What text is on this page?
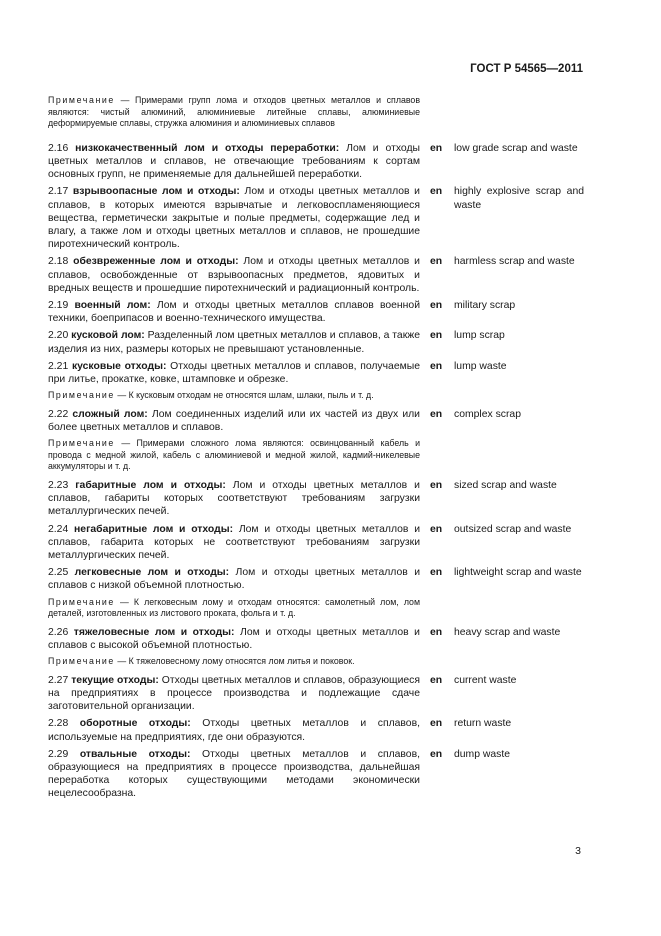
ГОСТ Р 54565—2011
Примечание — Примерами групп лома и отходов цветных металлов и сплавов являются: чистый алюминий, алюминиевые литейные сплавы, алюминиевые деформируемые сплавы, стружка алюминия и алюминиевых сплавов
2.16 низкокачественный лом и отходы переработки: Лом и отходы цветных металлов и сплавов, не отвечающие требованиям к сортам основных групп, не применяемые для дальнейшей переработки.
en	low grade scrap and waste
2.17 взрывоопасные лом и отходы: Лом и отходы цветных металлов и сплавов, в которых имеются взрывчатые и легковоспламеняющиеся вещества, герметически закрытые и полые предметы, содержащие лед и влагу, а также лом и отходы цветных металлов и сплавов, не прошедшие пиротехнический контроль.
en	highly explosive scrap and waste
2.18 обезвреженные лом и отходы: Лом и отходы цветных металлов и сплавов, освобожденные от взрывоопасных предметов, ядовитых и вредных веществ и прошедшие пиротехнический и радиационный контроль.
en	harmless scrap and waste
2.19 военный лом: Лом и отходы цветных металлов сплавов военной техники, боеприпасов и военно-технического имущества.
en	military scrap
2.20 кусковой лом: Разделенный лом цветных металлов и сплавов, а также изделия из них, размеры которых не превышают установленные.
en	lump scrap
2.21 кусковые отходы: Отходы цветных металлов и сплавов, получаемые при литье, прокатке, ковке, штамповке и обрезке.
en	lump waste
Примечание — К кусковым отходам не относятся шлам, шлаки, пыль и т. д.
2.22 сложный лом: Лом соединенных изделий или их частей из двух или более цветных металлов и сплавов.
en	complex scrap
Примечание — Примерами сложного лома являются: освинцованный кабель и провода с медной жилой, кабель с алюминиевой и медной жилой, кадмий-никелевые аккумуляторы и т. д.
2.23 габаритные лом и отходы: Лом и отходы цветных металлов и сплавов, габариты которых соответствуют требованиям загрузки металлургических печей.
en	sized scrap and waste
2.24 негабаритные лом и отходы: Лом и отходы цветных металлов и сплавов, габарита которых не соответствуют требованиям загрузки металлургических печей.
en	outsized scrap and waste
2.25 легковесные лом и отходы: Лом и отходы цветных металлов и сплавов с низкой объемной плотностью.
en	lightweight scrap and waste
Примечание — К легковесным лому и отходам относятся: самолетный лом, лом деталей, изготовленных из листового проката, фольга и т. д.
2.26 тяжеловесные лом и отходы: Лом и отходы цветных металлов и сплавов с высокой объемной плотностью.
en	heavy scrap and waste
Примечание — К тяжеловесному лому относятся лом литья и поковок.
2.27 текущие отходы: Отходы цветных металлов и сплавов, образующиеся на предприятиях в процессе производства и подлежащие сдаче заготовительной организации.
en	current waste
2.28 оборотные отходы: Отходы цветных металлов и сплавов, используемые на предприятиях, где они образуются.
en	return waste
2.29 отвальные отходы: Отходы цветных металлов и сплавов, образующиеся на предприятиях в процессе производства, дальнейшая переработка которых существующими методами экономически нецелесообразна.
en	dump waste
3
